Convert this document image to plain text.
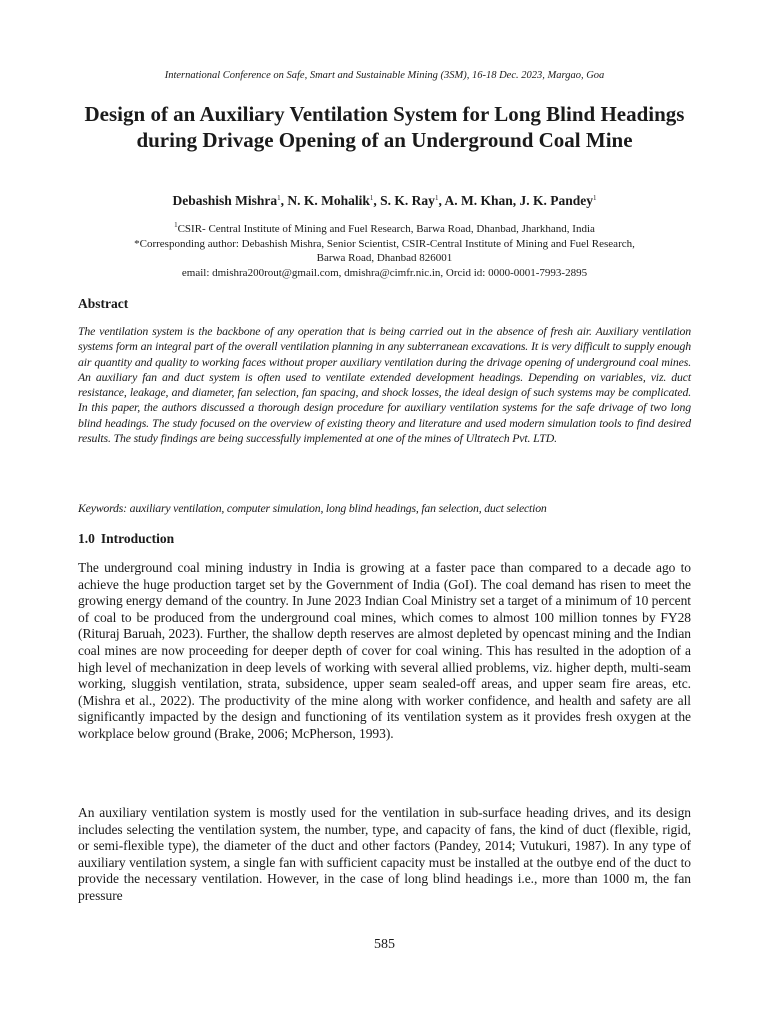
International Conference on Safe, Smart and Sustainable Mining (3SM), 16-18 Dec. 2023, Margao, Goa
Design of an Auxiliary Ventilation System for Long Blind Headings during Drivage Opening of an Underground Coal Mine

Debashish Mishra$^1$, N. K. Mohalik$^1$, S. K. Ray$^1$, A. M. Khan, J. K. Pandey$^1$

$^1$CSIR- Central Institute of Mining and Fuel Research, Barwa Road, Dhanbad, Jharkhand, India
*Corresponding author: Debashish Mishra, Senior Scientist, CSIR-Central Institute of Mining and Fuel Research,
Barwa Road, Dhanbad 826001
email: dmishra200rout@gmail.com, dmishra@cimfr.nic.in, Orcid id: 0000-0001-7993-2895
Abstract

The ventilation system is the backbone of any operation that is being carried out in the absence of fresh air. Auxiliary ventilation systems form an integral part of the overall ventilation planning in any subterranean excavations. It is very difficult to supply enough air quantity and quality to working faces without proper auxiliary ventilation during the drivage opening of underground coal mines. An auxiliary fan and duct system is often used to ventilate extended development headings. Depending on variables, viz. duct resistance, leakage, and diameter, fan selection, fan spacing, and shock losses, the ideal design of such systems may be complicated. In this paper, the authors discussed a thorough design procedure for auxiliary ventilation systems for the safe drivage of two long blind headings. The study focused on the overview of existing theory and literature and used modern simulation tools to find desired results. The study findings are being successfully implemented at one of the mines of Ultratech Pvt. LTD.

Keywords: auxiliary ventilation, computer simulation, long blind headings, fan selection, duct selection

1.0 Introduction

The underground coal mining industry in India is growing at a faster pace than compared to a decade ago to achieve the huge production target set by the Government of India (GoI). The coal demand has risen to meet the growing energy demand of the country. In June 2023 Indian Coal Ministry set a target of a minimum of 10 percent of coal to be produced from the underground coal mines, which comes to almost 100 million tonnes by FY28 (Rituraj Baruah, 2023). Further, the shallow depth reserves are almost depleted by opencast mining and the Indian coal mines are now proceeding for deeper depth of cover for coal wining. This has resulted in the adoption of a high level of mechanization in deep levels of working with several allied problems, viz. higher depth, multi-seam working, sluggish ventilation, strata, subsidence, upper seam sealed-off areas, and upper seam fire areas, etc. (Mishra et al., 2022). The productivity of the mine along with worker confidence, and health and safety are all significantly impacted by the design and functioning of its ventilation system as it provides fresh oxygen at the workplace below ground (Brake, 2006; McPherson, 1993).

An auxiliary ventilation system is mostly used for the ventilation in sub-surface heading drives, and its design includes selecting the ventilation system, the number, type, and capacity of fans, the kind of duct (flexible, rigid, or semi-flexible type), the diameter of the duct and other factors (Pandey, 2014; Vutukuri, 1987). In any type of auxiliary ventilation system, a single fan with sufficient capacity must be installed at the outbye end of the duct to provide the necessary ventilation. However, in the case of long blind headings i.e., more than 1000 m, the fan pressure

585
